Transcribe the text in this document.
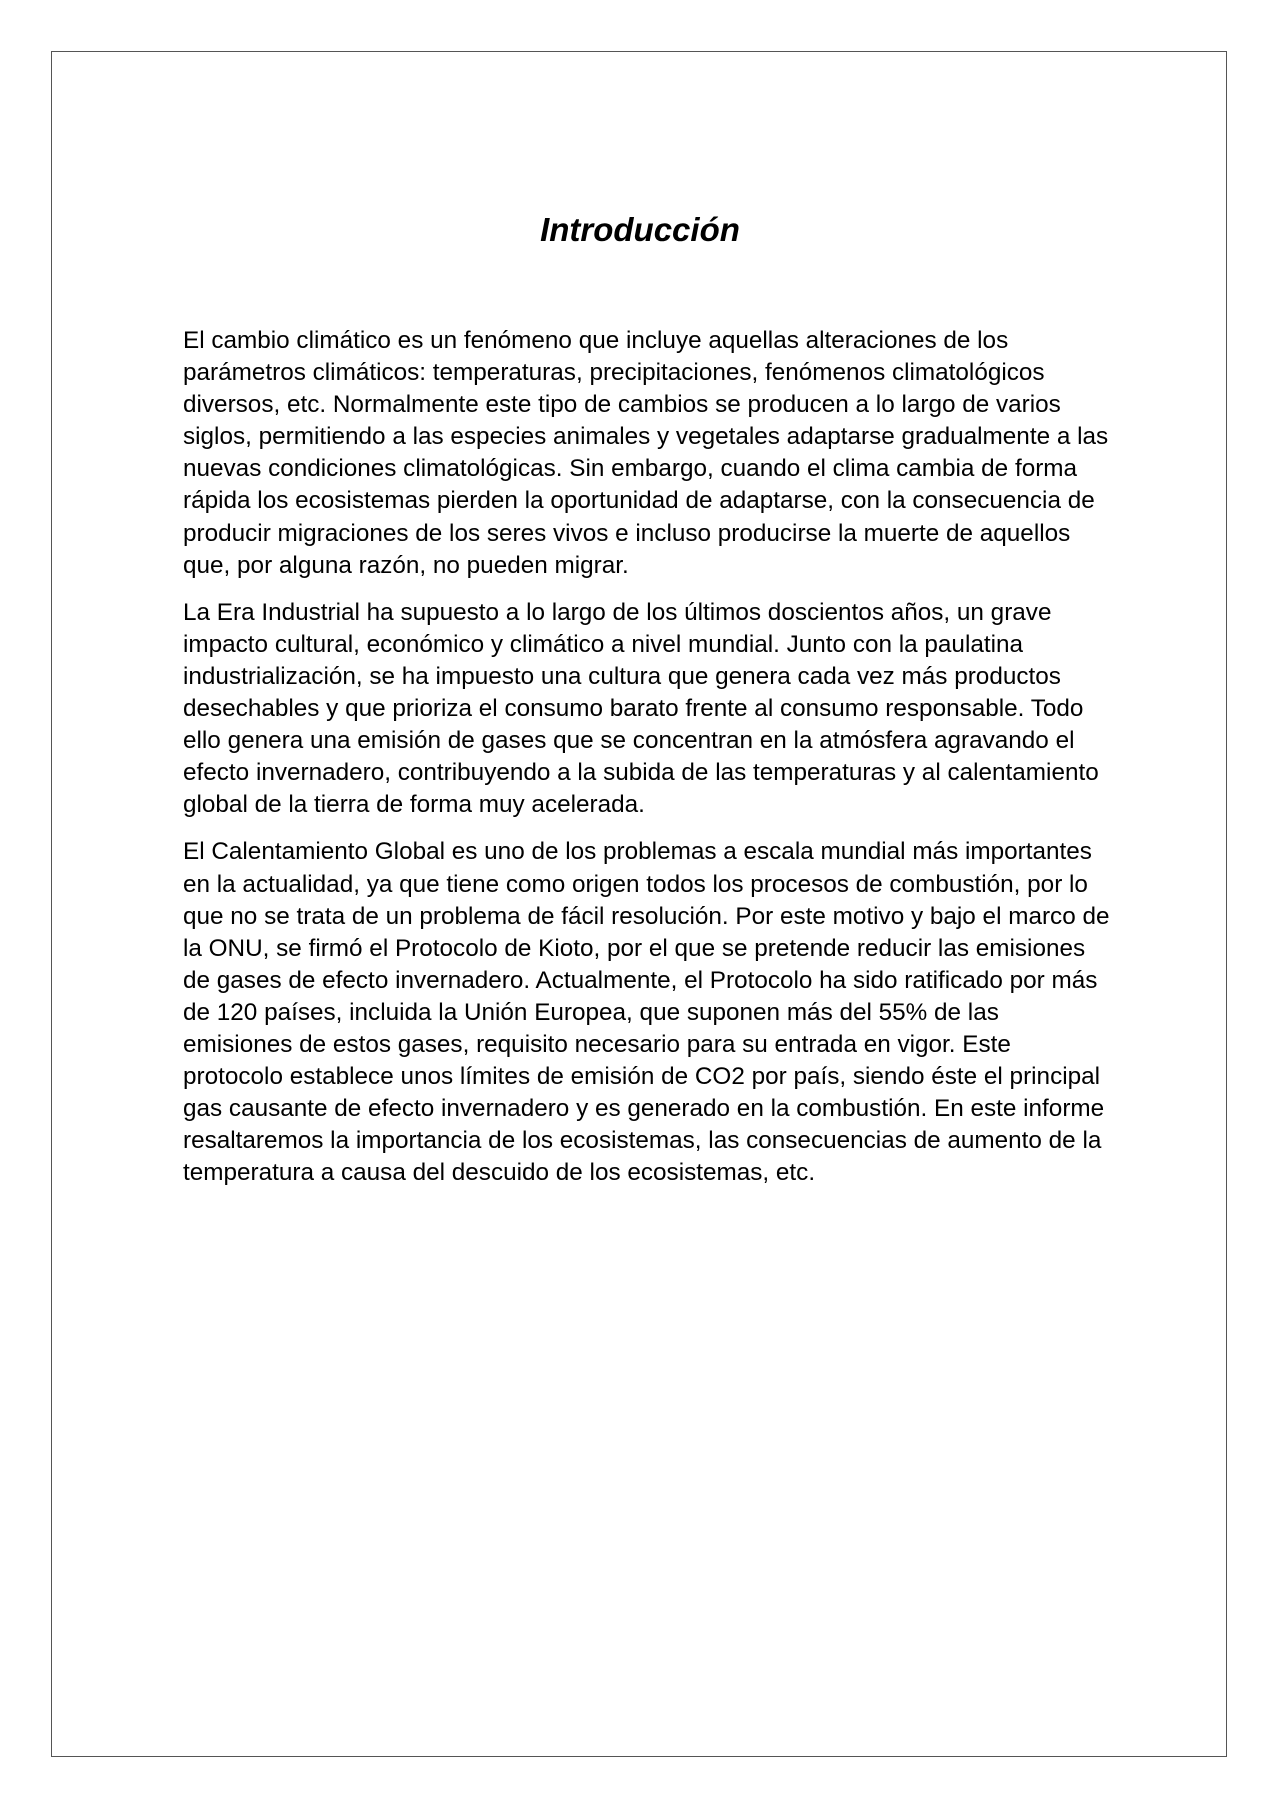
Introducción

El cambio climático es un fenómeno que incluye aquellas alteraciones de los parámetros climáticos: temperaturas, precipitaciones, fenómenos climatológicos diversos, etc. Normalmente este tipo de cambios se producen a lo largo de varios siglos, permitiendo a las especies animales y vegetales adaptarse gradualmente a las nuevas condiciones climatológicas. Sin embargo, cuando el clima cambia de forma rápida los ecosistemas pierden la oportunidad de adaptarse, con la consecuencia de producir migraciones de los seres vivos e incluso producirse la muerte de aquellos que, por alguna razón, no pueden migrar.

La Era Industrial ha supuesto a lo largo de los últimos doscientos años, un grave impacto cultural, económico y climático a nivel mundial. Junto con la paulatina industrialización, se ha impuesto una cultura que genera cada vez más productos desechables y que prioriza el consumo barato frente al consumo responsable. Todo ello genera una emisión de gases que se concentran en la atmósfera agravando el efecto invernadero, contribuyendo a la subida de las temperaturas y al calentamiento global de la tierra de forma muy acelerada.

El Calentamiento Global es uno de los problemas a escala mundial más importantes en la actualidad, ya que tiene como origen todos los procesos de combustión, por lo que no se trata de un problema de fácil resolución. Por este motivo y bajo el marco de la ONU, se firmó el Protocolo de Kioto, por el que se pretende reducir las emisiones de gases de efecto invernadero. Actualmente, el Protocolo ha sido ratificado por más de 120 países, incluida la Unión Europea, que suponen más del 55% de las emisiones de estos gases, requisito necesario para su entrada en vigor. Este protocolo establece unos límites de emisión de CO2 por país, siendo éste el principal gas causante de efecto invernadero y es generado en la combustión. En este informe resaltaremos la importancia de los ecosistemas, las consecuencias de aumento de la temperatura a causa del descuido de los ecosistemas, etc.
